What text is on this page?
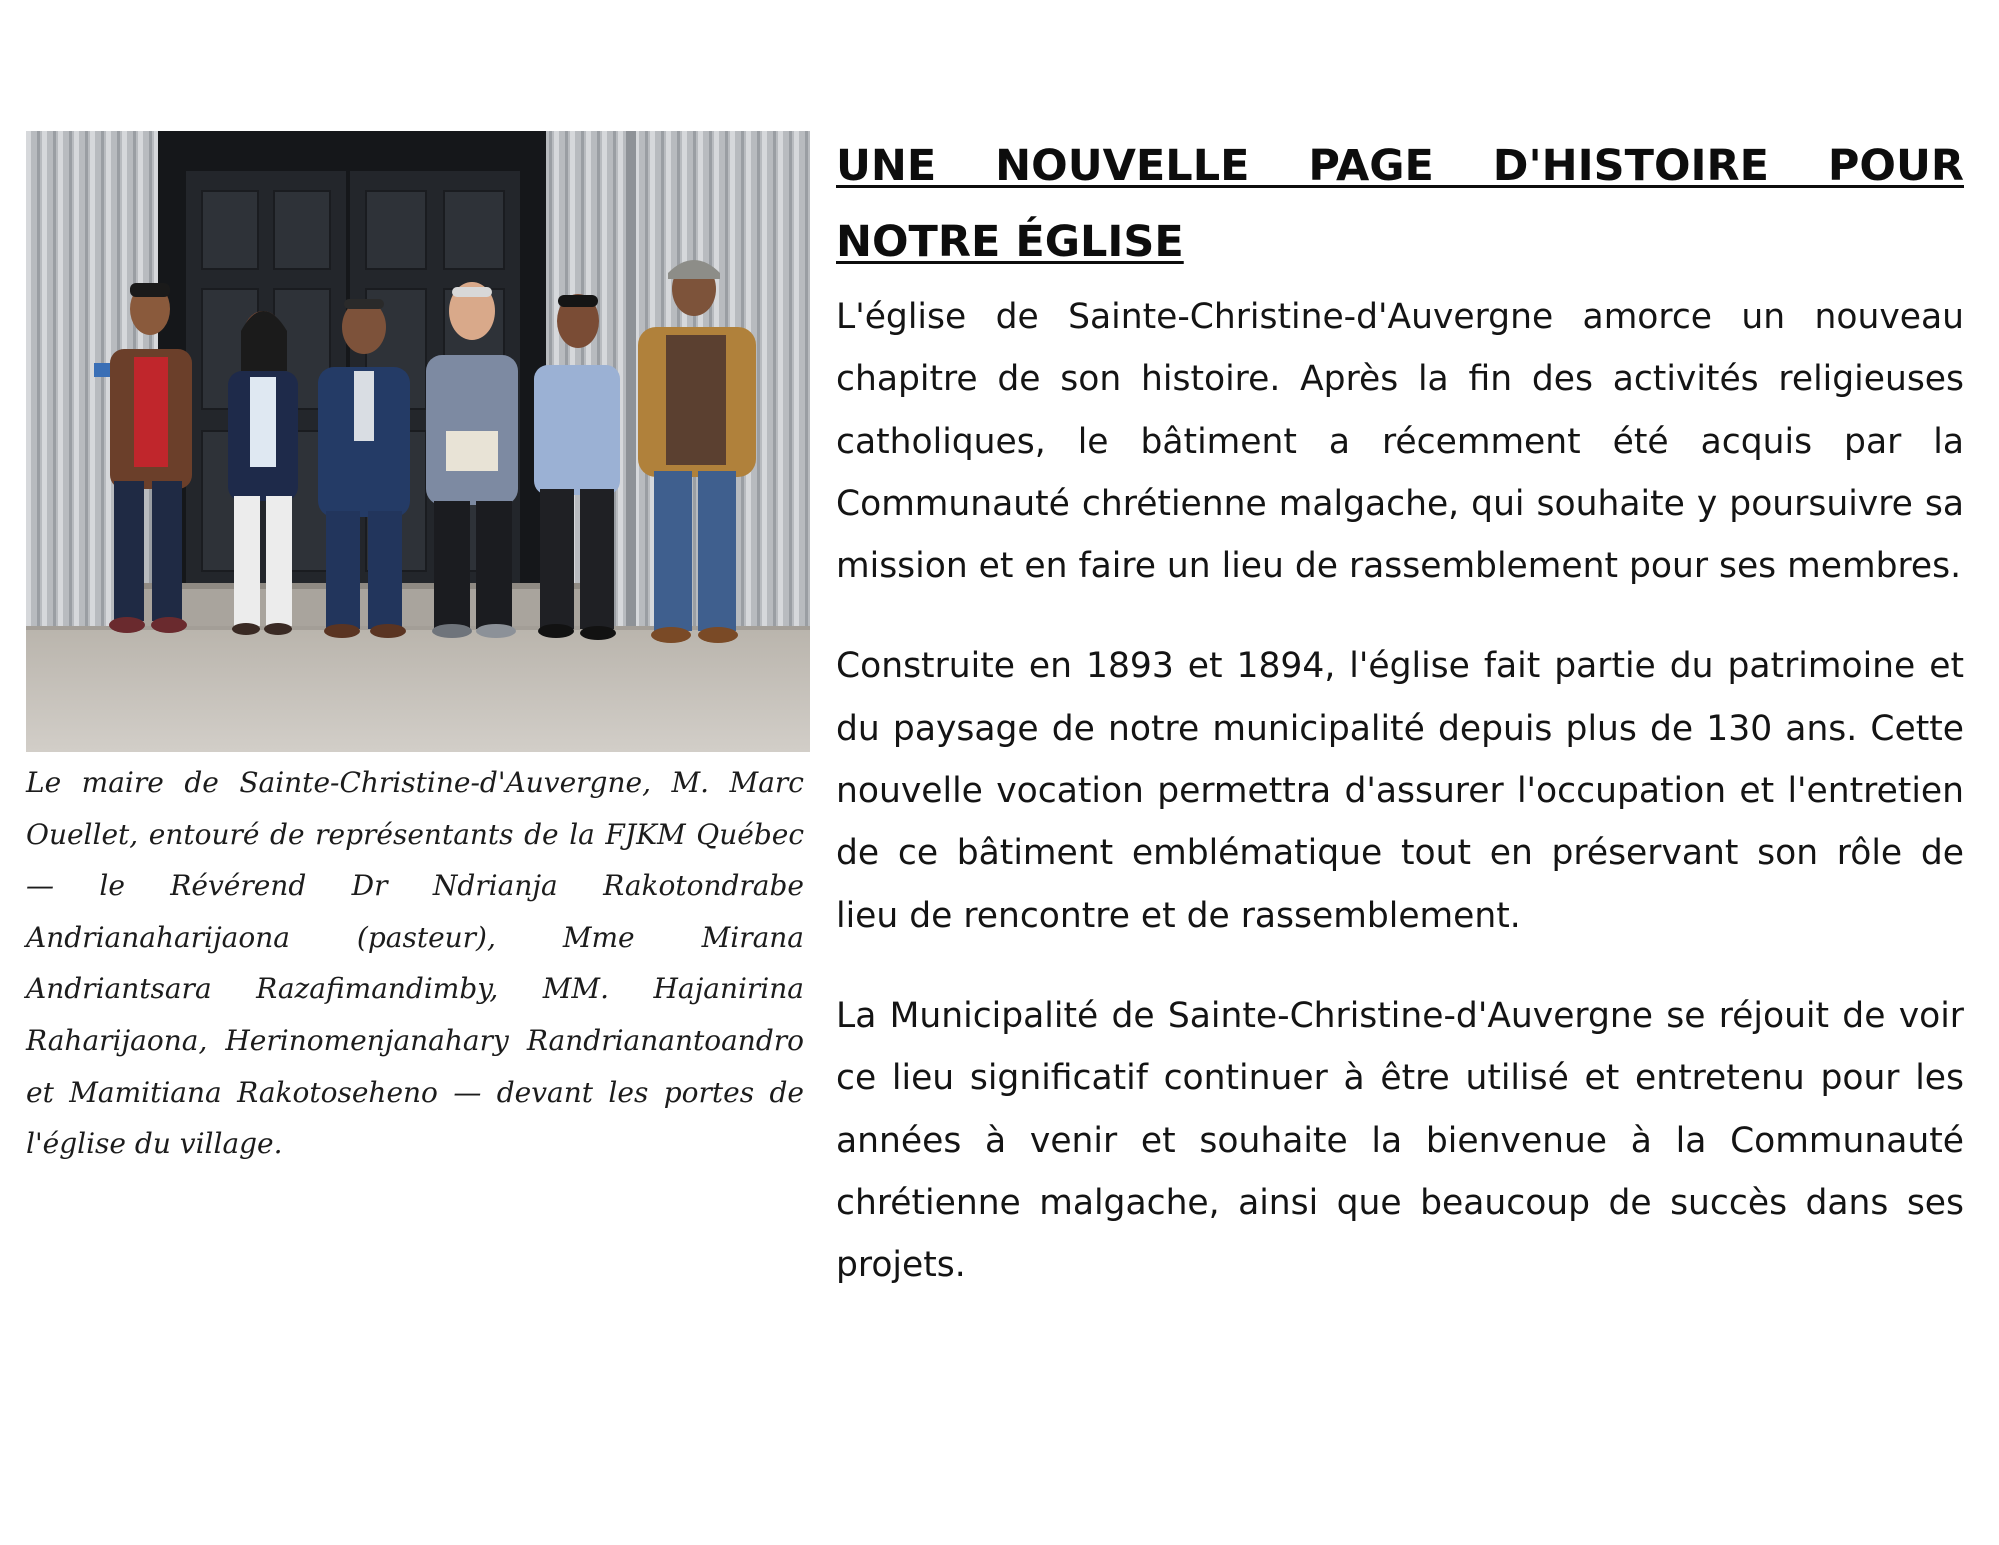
Le maire de Sainte-Christine-d'Auvergne, M. Marc Ouellet, entouré de représentants de la FJKM Québec — le Révérend Dr Ndrianja Rakotondrabe Andrianaharijaona (pasteur), Mme Mirana Andriantsara Razafimandimby, MM. Hajanirina Raharijaona, Herinomenjanahary Randrianantoandro et Mamitiana Rakotoseheno — devant les portes de l'église du village.

UNE NOUVELLE PAGE D'HISTOIRE POUR NOTRE ÉGLISE

L'église de Sainte-Christine-d'Auvergne amorce un nouveau chapitre de son histoire. Après la fin des activités religieuses catholiques, le bâtiment a récemment été acquis par la Communauté chrétienne malgache, qui souhaite y poursuivre sa mission et en faire un lieu de rassemblement pour ses membres.

Construite en 1893 et 1894, l'église fait partie du patrimoine et du paysage de notre municipalité depuis plus de 130 ans. Cette nouvelle vocation permettra d'assurer l'occupation et l'entretien de ce bâtiment emblématique tout en préservant son rôle de lieu de rencontre et de rassemblement.

La Municipalité de Sainte-Christine-d'Auvergne se réjouit de voir ce lieu significatif continuer à être utilisé et entretenu pour les années à venir et souhaite la bienvenue à la Communauté chrétienne malgache, ainsi que beaucoup de succès dans ses projets.
